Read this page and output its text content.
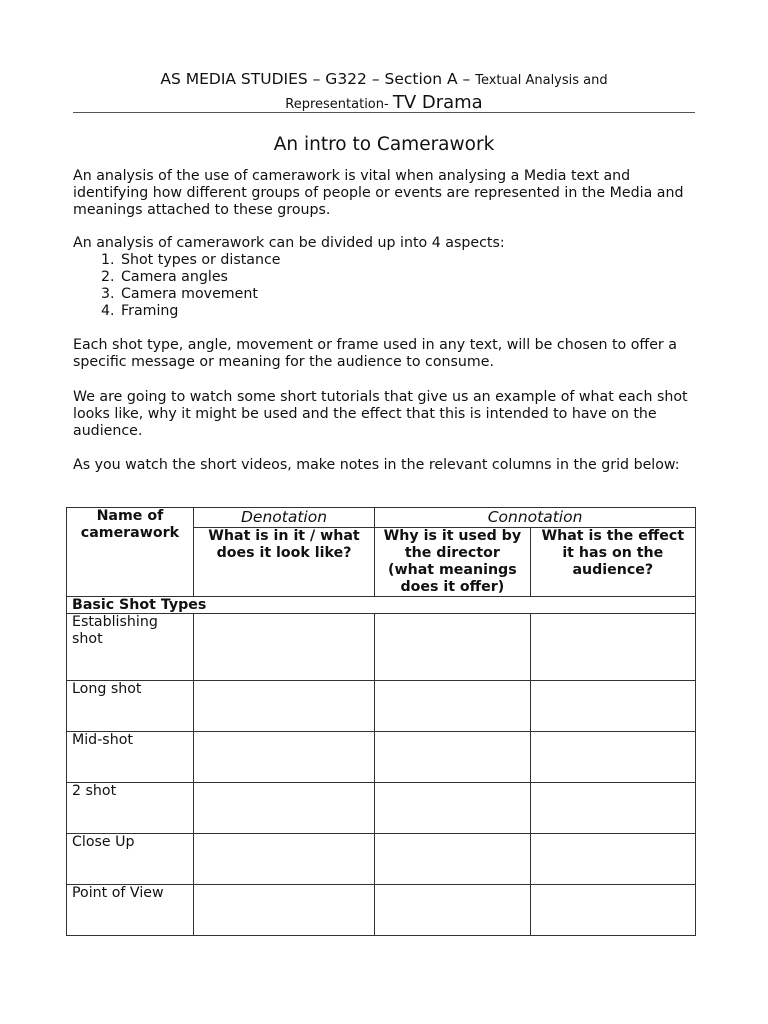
AS MEDIA STUDIES – G322 – Section A – Textual Analysis and
Representation- TV Drama
An intro to Camerawork
An analysis of the use of camerawork is vital when analysing a Media text and identifying how different groups of people or events are represented in the Media and meanings attached to these groups.
An analysis of camerawork can be divided up into 4 aspects:
1. Shot types or distance
2. Camera angles
3. Camera movement
4. Framing
Each shot type, angle, movement or frame used in any text, will be chosen to offer a specific message or meaning for the audience to consume.
We are going to watch some short tutorials that give us an example of what each shot looks like, why it might be used and the effect that this is intended to have on the audience.
As you watch the short videos, make notes in the relevant columns in the grid below:
Name of camerawork	Denotation	Connotation	
	What is in it / what does it look like?	Why is it used by the director (what meanings does it offer)	What is the effect it has on the audience?
Basic Shot Types			
Establishing shot			
Long shot			
Mid-shot			
2 shot			
Close Up			
Point of View			
